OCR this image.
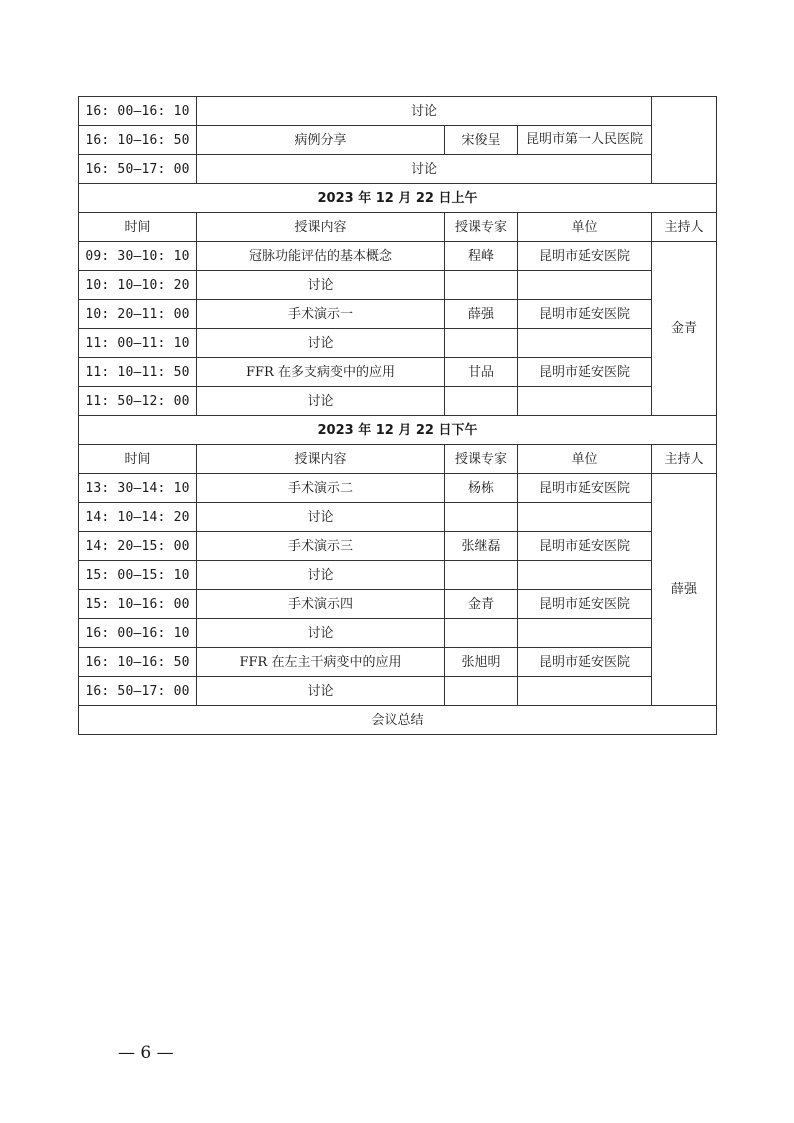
16: 00—16: 10	讨论			
16: 10—16: 50	病例分享	宋俊呈	昆明市第一人民医院	

16: 50—17: 00	讨论			
2023 年 12 月 22 日上午				
时间	授课内容	授课专家	单位	主持人
09: 30—10: 10	冠脉功能评估的基本概念	程峰	昆明市延安医院	金青
10: 10—10: 20	讨论			
10: 20—11: 00	手术演示一	薛强	昆明市延安医院	
11: 00—11: 10	讨论			
11: 10—11: 50	FFR 在多支病变中的应用	甘品	昆明市延安医院	
11: 50—12: 00	讨论			
2023 年 12 月 22 日下午				
时间	授课内容	授课专家	单位	主持人
13: 30—14: 10	手术演示二	杨栋	昆明市延安医院	薛强
14: 10—14: 20	讨论			
14: 20—15: 00	手术演示三	张继磊	昆明市延安医院	
15: 00—15: 10	讨论			
15: 10—16: 00	手术演示四	金青	昆明市延安医院	
16: 00—16: 10	讨论			
16: 10—16: 50	FFR 在左主干病变中的应用	张旭明	昆明市延安医院	
16: 50—17: 00	讨论			
会议总结				
— 6 —
